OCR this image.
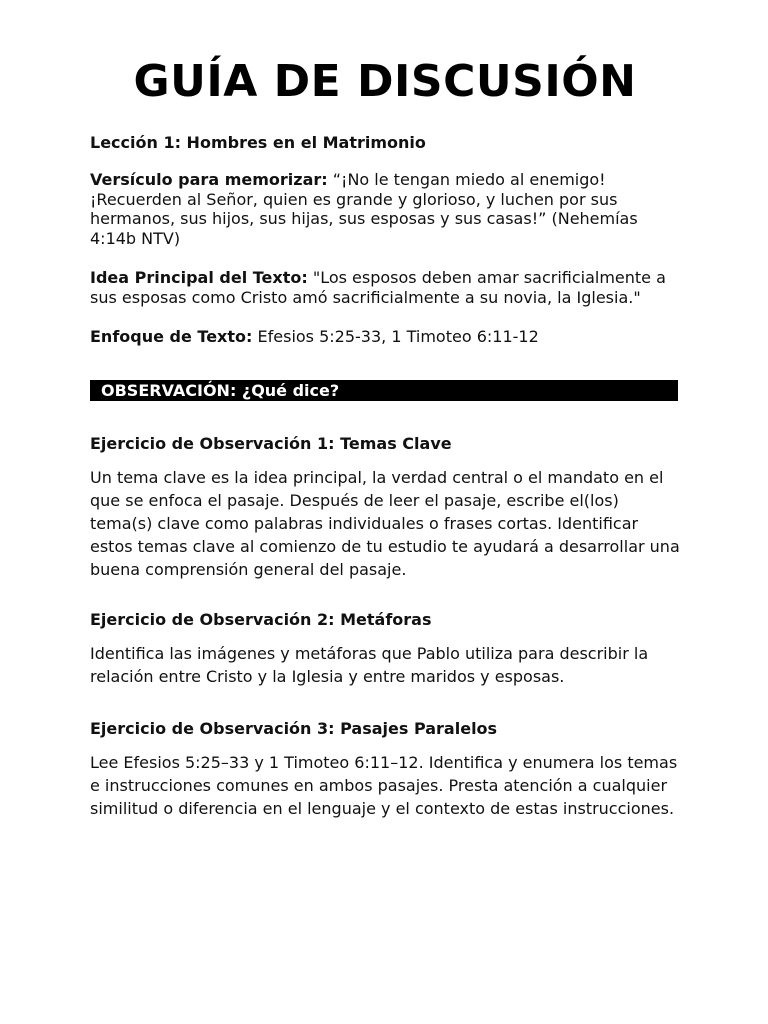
GUÍA DE DISCUSIÓN
Lección 1: Hombres en el Matrimonio
Versículo para memorizar: “¡No le tengan miedo al enemigo! ¡Recuerden al Señor, quien es grande y glorioso, y luchen por sus hermanos, sus hijos, sus hijas, sus esposas y sus casas!” (Nehemías 4:14b NTV)
Idea Principal del Texto: "Los esposos deben amar sacrificialmente a sus esposas como Cristo amó sacrificialmente a su novia, la Iglesia."
Enfoque de Texto: Efesios 5:25-33, 1 Timoteo 6:11-12
OBSERVACIÓN: ¿Qué dice?
Ejercicio de Observación 1: Temas Clave
Un tema clave es la idea principal, la verdad central o el mandato en el que se enfoca el pasaje. Después de leer el pasaje, escribe el(los) tema(s) clave como palabras individuales o frases cortas. Identificar estos temas clave al comienzo de tu estudio te ayudará a desarrollar una buena comprensión general del pasaje.
Ejercicio de Observación 2: Metáforas
Identifica las imágenes y metáforas que Pablo utiliza para describir la relación entre Cristo y la Iglesia y entre maridos y esposas.
Ejercicio de Observación 3: Pasajes Paralelos
Lee Efesios 5:25–33 y 1 Timoteo 6:11–12. Identifica y enumera los temas e instrucciones comunes en ambos pasajes. Presta atención a cualquier similitud o diferencia en el lenguaje y el contexto de estas instrucciones.
